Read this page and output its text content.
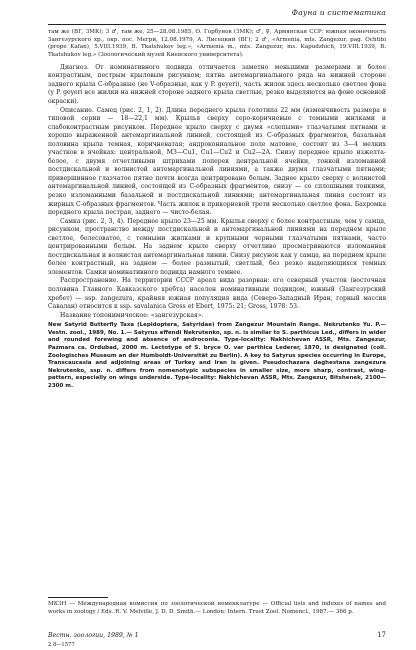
Фауна и систематика

там же (ВГ, ЗМК); 3 ♂, там же, 25—28.08.1985, О. Горбунов (ЗМК); ♂, ♀, Армянская ССР: южная оконечность Зангезурского хр., окр. пос. Мегри, 12.08.1979, А. Лисецкий (ВГ); 2 ♂, «Armenia, mts. Zangezur, pag. Ochtibi (prope Kafan), 5.VIII.1939, B. Tkatshukov leg.», «Armenia m., mts. Zangezur, ms. Kapudzhich, 19.VIII.1939, B. Tkatshukov leg.» (Зоологический музей Киевского университета).

Диагноз. От номинативного подвида отличается заметно меньшими размерами и более контрастным, пестрым крыловым рисунком; пятна антемаргинального ряда на нижней стороне заднего крыла С-образные (не V-образные, как у P. geyeri), часть жилок здесь несколько светлее фона (у P. geyeri все жилки на нижней стороне заднего крыла светлые, резко выделяются на фоне основной окраски).

Описание. Самец (рис. 2, 1, 2). Длина переднего крыла голотипа 22 мм (изменчивость размера в типовой серии — 18—22,1 мм). Крылья сверху серо-коричневые с темными жилками и слабоконтрастным рисунком. Переднее крыло сверху с двумя «слепыми» глазчатыми пятнами и хорошо выраженной антемаргинальной линией, состоящей из С-образных фрагментов, базальная половина крыла темная, коричневатая; андрокониальное поле матовое, состоит из 3—4 мелких участков в ячейках: центральной, M3—Cu1, Cu1—Cu2 и Cu2—2A. Снизу переднее крыло изжелта-белое, с двумя отчетливыми штрихами поперек центральной ячейки, тонкой изломанной постдискальной и волнистой антемаргинальной линиями, а также двумя глазчатыми пятнами; привершинное глазчатое пятно почти всегда центрировано белым. Заднее крыло сверху с волнистой антемаргинальной линией, состоящей из С-образных фрагментов, снизу — со сплошными тонкими, резко изломанными базальной и постдискальной линиями; антемаргинальная линия состоит из жирных С-образных фрагментов. Часть жилок в прикорневой трети несколько светлее фона. Бахромка переднего крыла пестрая, заднего — чисто-белая.

Самка (рис. 2, 3, 4). Переднее крыло 23—25 мм. Крылья сверху с более контрастным, чем у самца, рисунком, пространство между постдискальной и антемаргинальной линиями на переднем крыле светлое, белесоватое, с темными жилками и крупными черными глазчатыми пятнами, часто центрированными белым. На заднем крыле сверху отчетливо просматриваются изломанная постдискальная и волнистая антемаргинальная линии. Снизу рисунок как у самца, на переднем крыле более контрастный, на заднем — более размытый, светлый, без резко выделяющихся темных элементов. Самки номинативного подвида намного темнее.

Распространение. На территории СССР ареал вида разорван: его северный участок (восточная половина Главного Кавказского хребта) населен номинативным подвидом, южный (Зангезурский хребет) — ssp. zangezura, крайняя южная популяция вида (Северо-Западный Иран, горный массив Савалан) относится к ssp. savalanica Gross et Ebert, 1975: 21; Gross, 1978: 53.

Название топонимическое: «зангезурская».

New Satyrid Butterfly Taxa (Lepidoptera, Satyridae) from Zangezur Mountain Range. Nekrutenko Yu. P.— Vestn. zool., 1989, No. 1.— Satyrus effendi Nekrutenko, sp. n. is similar to S. parthicus Led., differs in wider and rounded forewing and absence of androconia. Type-locality: Nakhichevan ASSR, Mts. Zangezur, Pazmara ca. Ordubad, 2000 m. Lectotype of S. bryce O. var parthica Lederer, 1870, is designated (coll. Zoologisches Museum an der Humboldt-Universität zu Berlin). A key to Satyrus species occurring in Europe, Transcaucasia and adjoining areas of Turkey and Iran is given. Pseudochazara daghestana zangezura Nekrutenko, ssp. n. differs from nomenotypic subspecies in smaller size, more sharp, contrast, wing-pattern, especially on wings underside. Type-locality: Nakhichevan ASSR, Mts. Zangezur, Bitshenek, 2100—2300 m.

МКЗН — Международная комиссия по зоологической номенклатуре — Official lists and indexes of names and works in zoology / Eds. R. V. Melville, J. D. D. Smith.— London: Intern. Trust Zool. Nomencl., 1987.— 366 p.
Вестн. зоологии, 1989, № 1	17
2 8—1577
